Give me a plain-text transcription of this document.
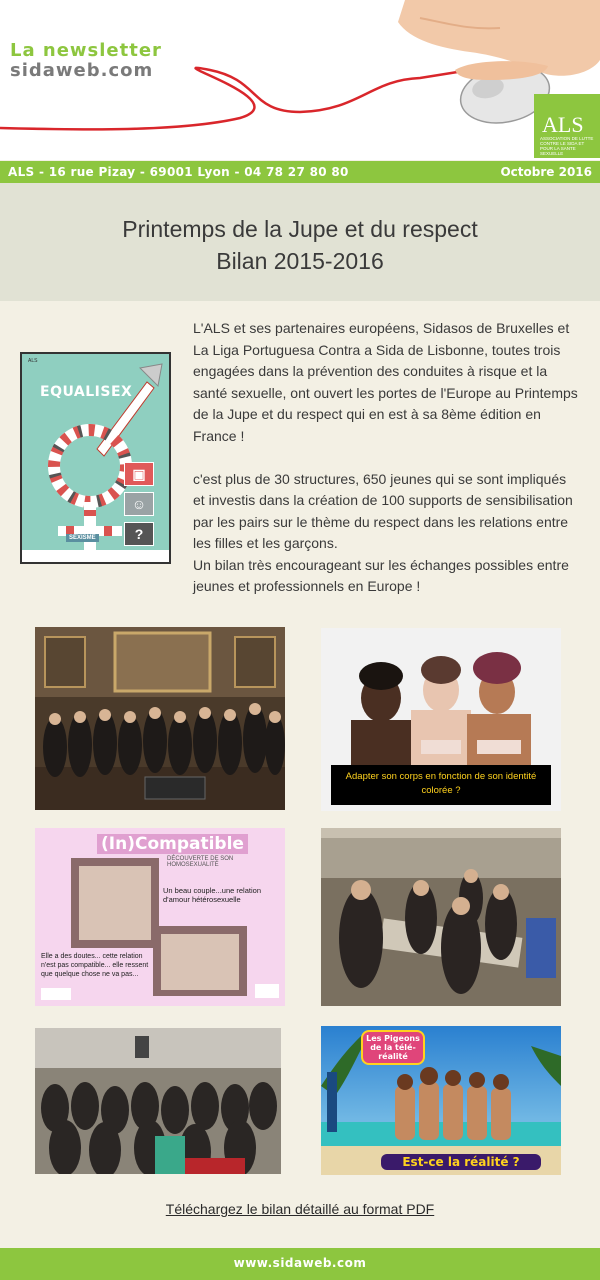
La newsletter
sidaweb.com
ALS
ASSOCIATION DE LUTTE CONTRE LE SIDA ET POUR LA SANTE SEXUELLE
ALS - 16 rue Pizay - 69001 Lyon - 04 78 27 80 80	Octobre 2016
Printemps de la Jupe et du respect
Bilan 2015-2016
ALS
EQUALISEX
▣
☺
?
SEXISME

L'ALS et ses partenaires européens, Sidasos de Bruxelles et La Liga Portuguesa Contra a Sida de Lisbonne, toutes trois engagées dans la prévention des conduites à risque et la santé sexuelle, ont ouvert les portes de l'Europe au Printemps de la Jupe et du respect qui en est à sa 8ème édition en France !

c'est plus de 30 structures, 650 jeunes qui se sont impliqués et investis dans la création de 100 supports de sensibilisation par les pairs sur le thème du respect dans les relations entre les filles et les garçons.

Un bilan très encourageant sur les échanges possibles entre jeunes et professionnels en Europe !

Adapter son corps en fonction de son identité colorée ?
(In)Compatible
DÉCOUVERTE DE SON HOMOSEXUALITÉ
Un beau couple...une relation d'amour hétérosexuelle
Elle a des doutes... cette relation n'est pas compatible... elle ressent que quelque chose ne va pas...
Les Pigeons de la télé-réalité
Est-ce la réalité ?
Téléchargez le bilan détaillé au format PDF
www.sidaweb.com
